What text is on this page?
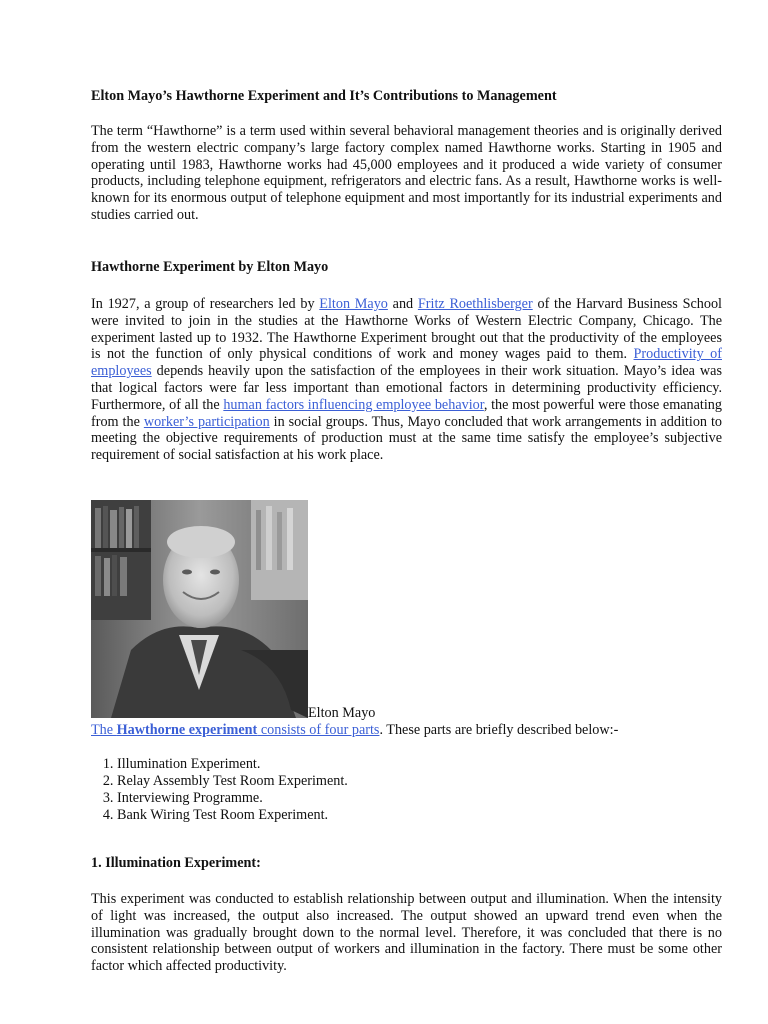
Elton Mayo’s Hawthorne Experiment and It’s Contributions to Management

The term “Hawthorne” is a term used within several behavioral management theories and is originally derived from the western electric company’s large factory complex named Hawthorne works. Starting in 1905 and operating until 1983, Hawthorne works had 45,000 employees and it produced a wide variety of consumer products, including telephone equipment, refrigerators and electric fans. As a result, Hawthorne works is well-known for its enormous output of telephone equipment and most importantly for its industrial experiments and studies carried out.

Hawthorne Experiment by Elton Mayo

In 1927, a group of researchers led by Elton Mayo and Fritz Roethlisberger of the Harvard Business School were invited to join in the studies at the Hawthorne Works of Western Electric Company, Chicago. The experiment lasted up to 1932. The Hawthorne Experiment brought out that the productivity of the employees is not the function of only physical conditions of work and money wages paid to them. Productivity of employees depends heavily upon the satisfaction of the employees in their work situation. Mayo’s idea was that logical factors were far less important than emotional factors in determining productivity efficiency. Furthermore, of all the human factors influencing employee behavior, the most powerful were those emanating from the worker’s participation in social groups. Thus, Mayo concluded that work arrangements in addition to meeting the objective requirements of production must at the same time satisfy the employee’s subjective requirement of social satisfaction at his work place.

Elton Mayo
The Hawthorne experiment consists of four parts. These parts are briefly described below:-
1. Illumination Experiment.
2. Relay Assembly Test Room Experiment.
3. Interviewing Programme.
4. Bank Wiring Test Room Experiment.
1. Illumination Experiment:

This experiment was conducted to establish relationship between output and illumination. When the intensity of light was increased, the output also increased. The output showed an upward trend even when the illumination was gradually brought down to the normal level. Therefore, it was concluded that there is no consistent relationship between output of workers and illumination in the factory. There must be some other factor which affected productivity.
